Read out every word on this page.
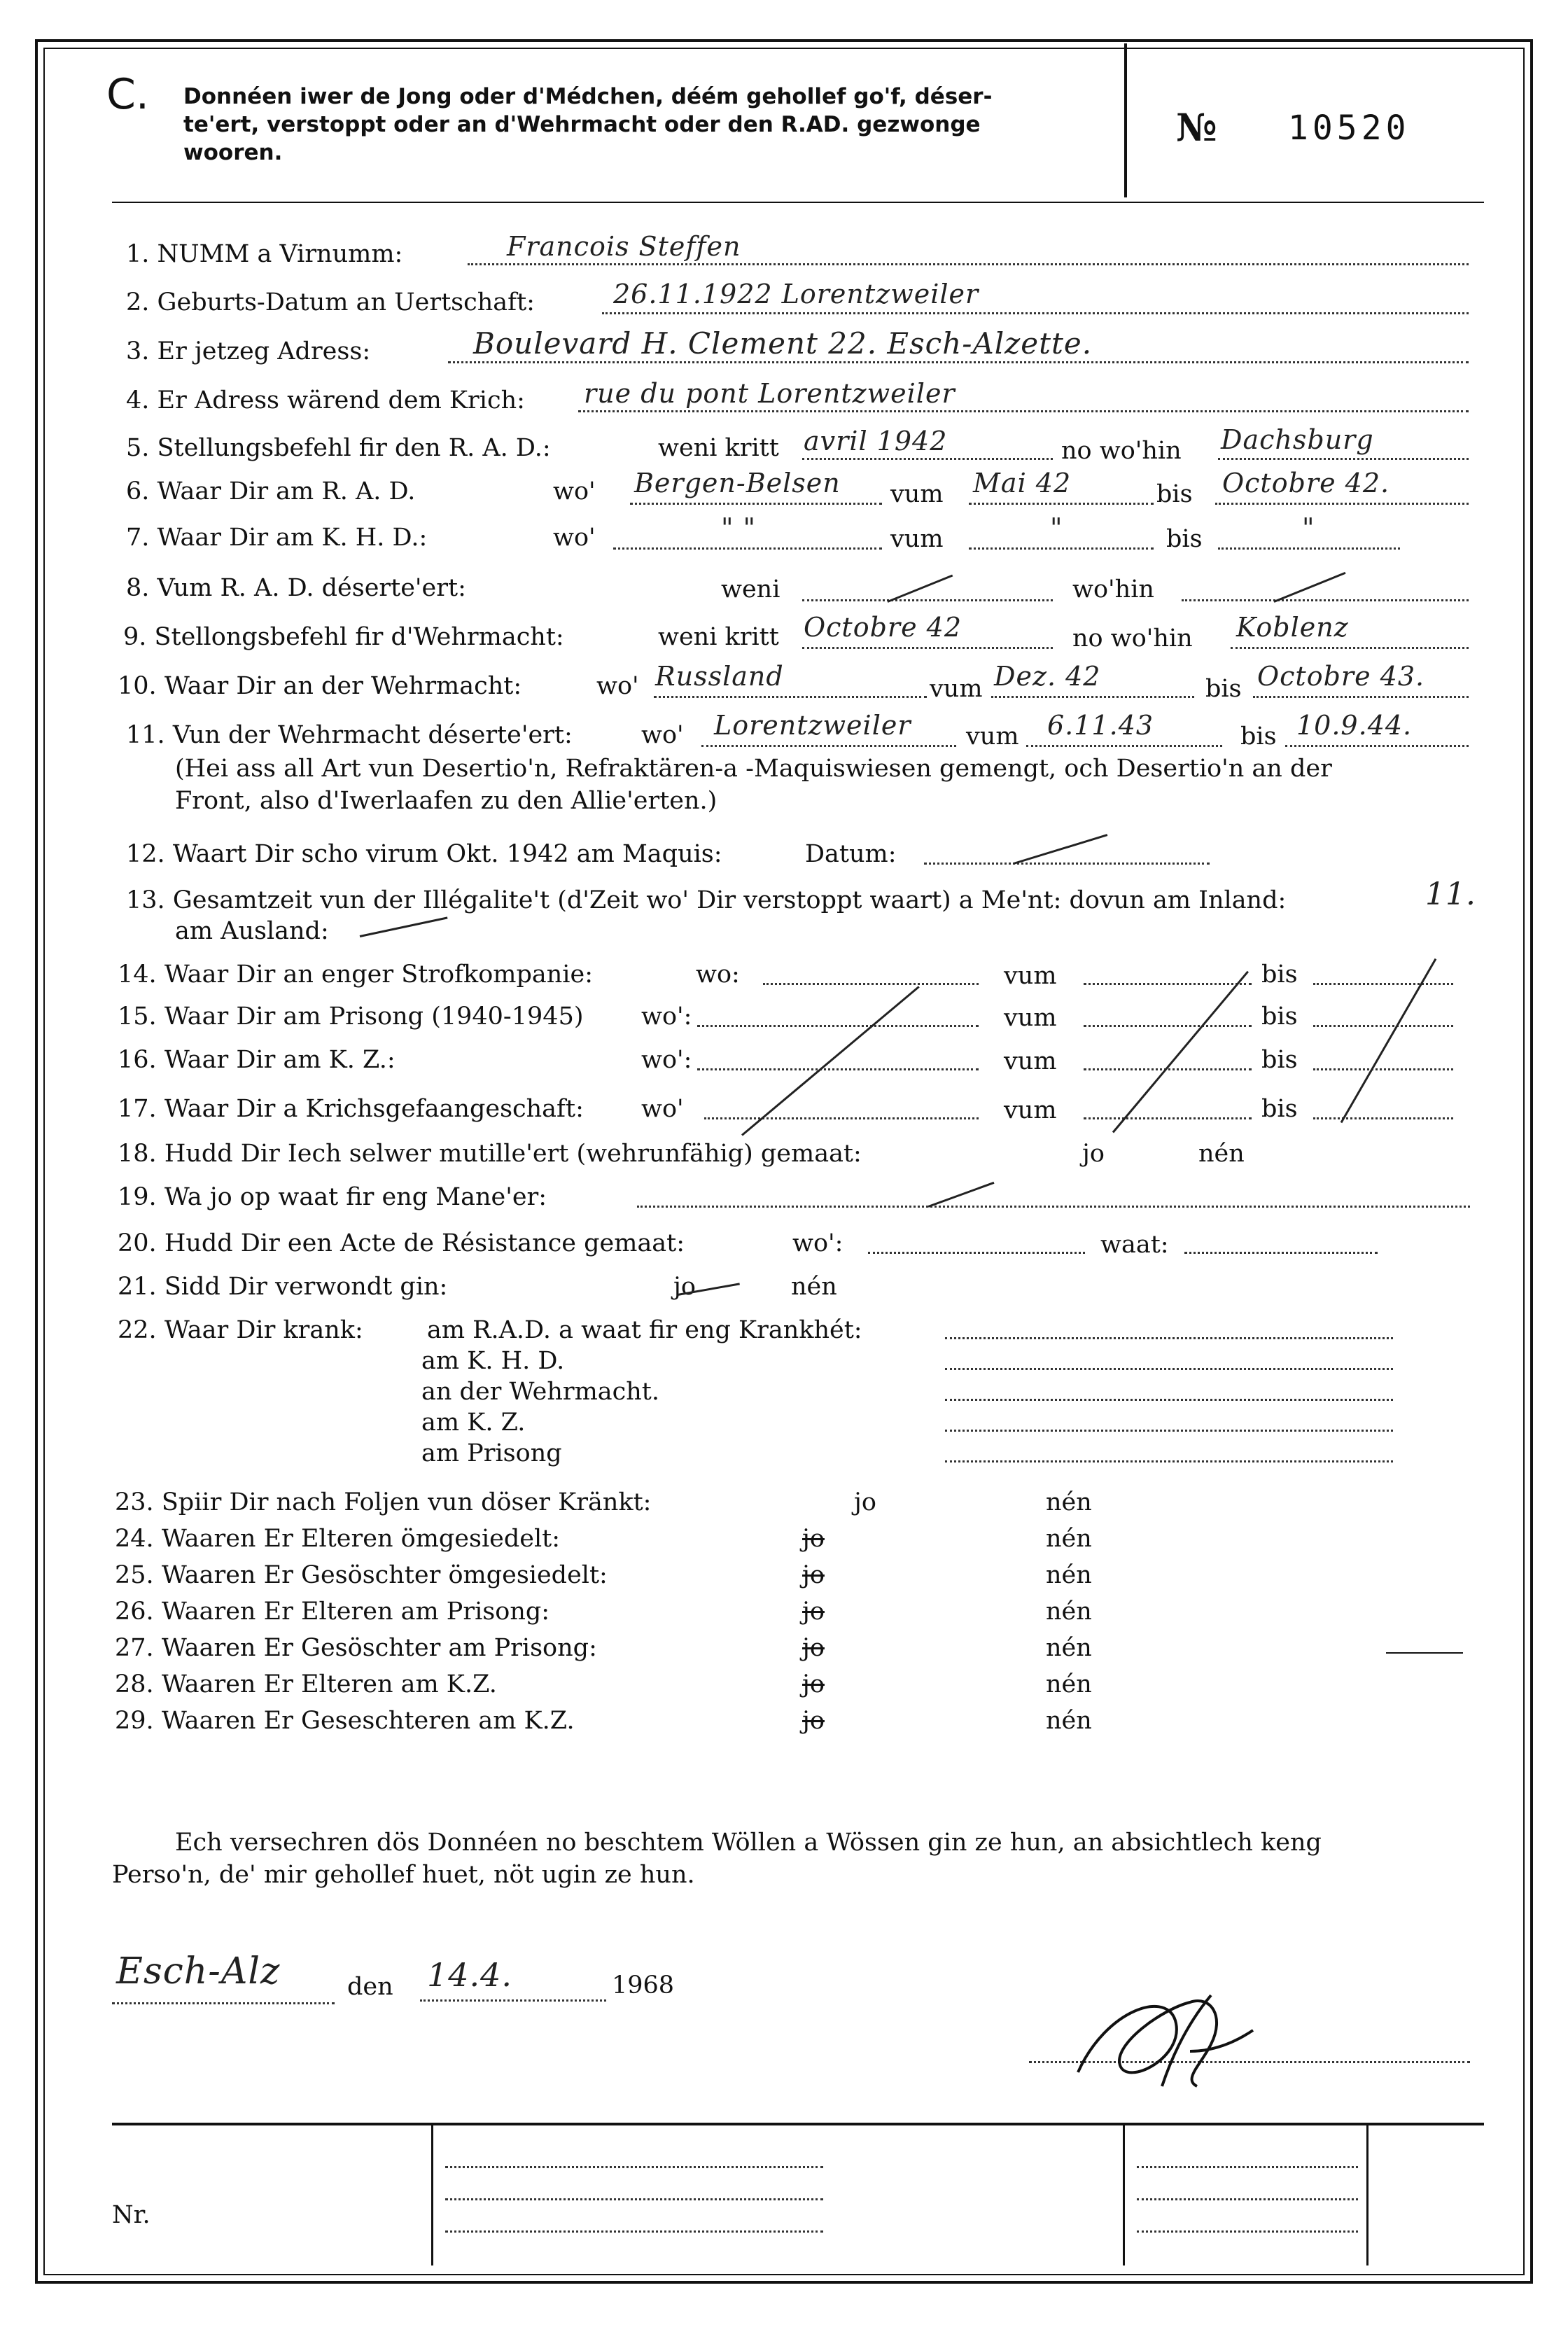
C. Donnéen iwer de Jong oder d'Médchen, déém gehollef go'f, déser-
te'ert, verstoppt oder an d'Wehrmacht oder den R.AD. gezwonge
wooren.
№ 10520
1. NUMM a Virnumm:	Francois Steffen
2. Geburts-Datum an Uertschaft:	26.11.1922 Lorentzweiler
3. Er jetzeg Adress:	Boulevard H. Clement 22. Esch-Alzette.
4. Er Adress wärend dem Krich: rue du pont Lorentzweiler
5. Stellungsbefehl fir den R. A. D.:	weni kritt avril 1942	no wo'hin Dachsburg
6. Waar Dir am R. A. D.	wo' Bergen-Belsen vum Mai 42	bis Octobre 42.
7. Waar Dir am K. H. D.:	wo'	" "	vum	"	bis	"
8. Vum R. A. D. déserte'ert:	weni	wo'hin
9. Stellongsbefehl fir d'Wehrmacht:	weni kritt Octobre 42	no wo'hin Koblenz
10. Waar Dir an der Wehrmacht:	wo' Russland	vum Dez. 42	bis Octobre 43.
11. Vun der Wehrmacht déserte'ert:	wo' Lorentzweiler vum 6.11.43	bis 10.9.44.
(Hei ass all Art vun Desertio'n, Refraktären-a -Maquiswiesen gemengt, och Desertio'n an der
Front, also d'Iwerlaafen zu den Allie'erten.)
12. Waart Dir scho virum Okt. 1942 am Maquis:	Datum:
13. Gesamtzeit vun der Illégalite't (d'Zeit wo' Dir verstoppt waart) a Me'nt: dovun am Inland:	11.
am Ausland:
14. Waar Dir an enger Strofkompanie:	wo:	vum	bis
15. Waar Dir am Prisong (1940-1945) wo':	vum	bis
16. Waar Dir am K. Z.:	wo':	vum	bis
17. Waar Dir a Krichsgefaangeschaft: wo'	vum	bis
18. Hudd Dir Iech selwer mutille'ert (wehrunfähig) gemaat:	jo	nén
19. Wa jo op waat fir eng Mane'er:
20. Hudd Dir een Acte de Résistance gemaat:	wo':	waat:
21. Sidd Dir verwondt gin:	jo	nén
22. Waar Dir krank:	am R.A.D. a waat fir eng Krankhét:
am K. H. D.
an der Wehrmacht.
am K. Z.
am Prisong
23. Spiir Dir nach Foljen vun döser Kränkt:	jo	nén
24. Waaren Er Elteren ömgesiedelt:	jo	nén
25. Waaren Er Gesöschter ömgesiedelt:	jo	nén
26. Waaren Er Elteren am Prisong:	jo	nén
27. Waaren Er Gesöschter am Prisong:	jo	nén
28. Waaren Er Elteren am K.Z.	jo	nén
29. Waaren Er Geseschteren am K.Z.	jo	nén
Ech versechren dös Donnéen no beschtem Wöllen a Wössen gin ze hun, an absichtlech keng
Perso'n, de' mir gehollef huet, nöt ugin ze hun.
Esch-Alz	den 14.4.	1968
Nr.
